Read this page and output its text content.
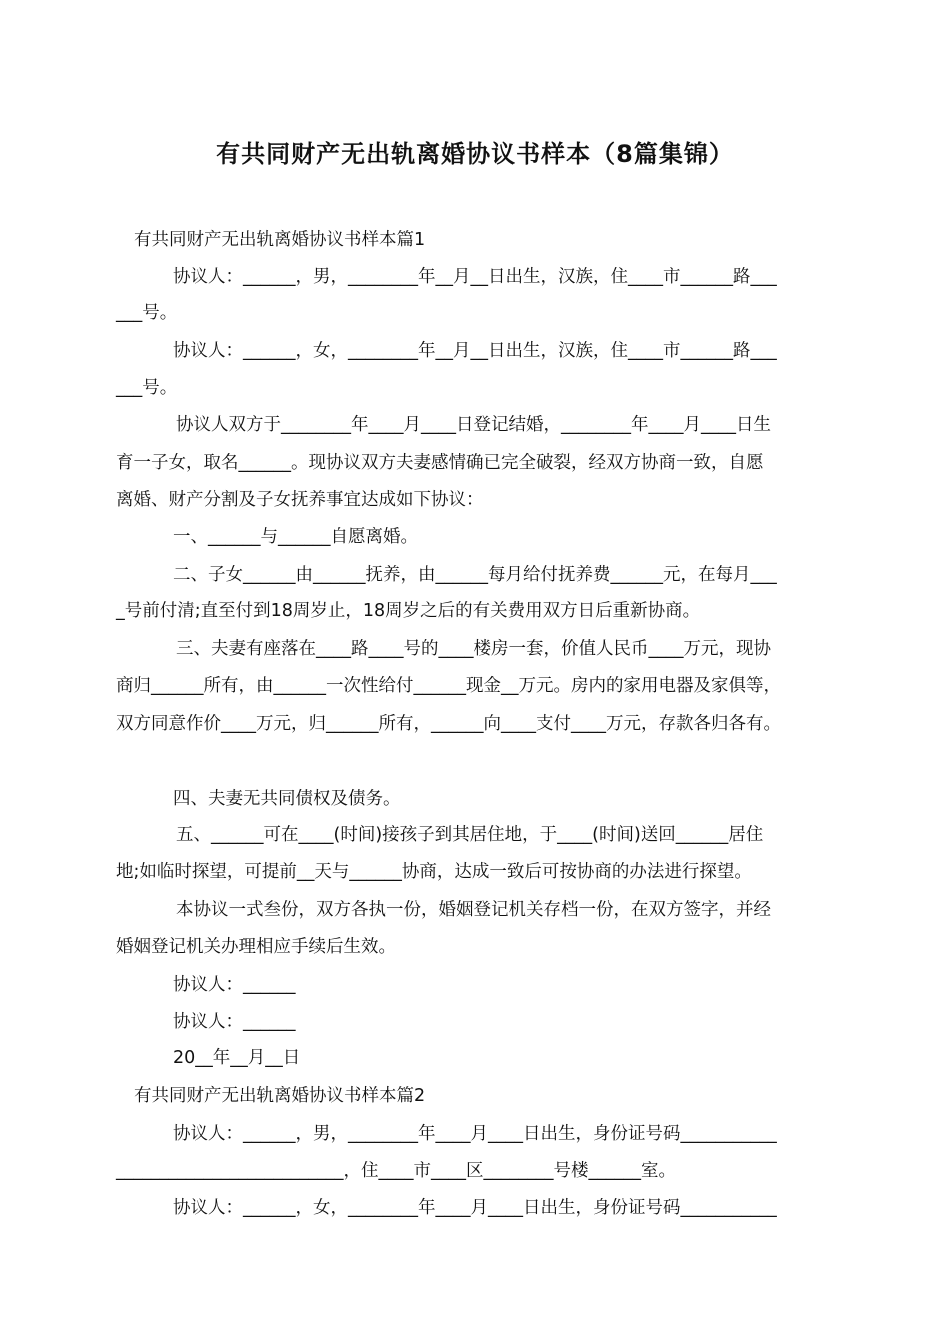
有共同财产无出轨离婚协议书样本（8篇集锦）
有共同财产无出轨离婚协议书样本篇1
协议人：______，男，________年__月__日出生，汉族，住____市______路___
___号。
协议人：______，女，________年__月__日出生，汉族，住____市______路___
___号。
协议人双方于________年____月____日登记结婚，________年____月____日生
育一子女，取名______。现协议双方夫妻感情确已完全破裂，经双方协商一致，自愿
离婚、财产分割及子女抚养事宜达成如下协议：
一、______与______自愿离婚。
二、子女______由______抚养，由______每月给付抚养费______元，在每月___
_号前付清;直至付到18周岁止，18周岁之后的有关费用双方日后重新协商。
三、夫妻有座落在____路____号的____楼房一套，价值人民币____万元，现协
商归______所有，由______一次性给付______现金__万元。房内的家用电器及家俱等，
双方同意作价____万元，归______所有，______向____支付____万元，存款各归各有。
四、夫妻无共同债权及债务。
五、______可在____(时间)接孩子到其居住地，于____(时间)送回______居住
地;如临时探望，可提前__天与______协商，达成一致后可按协商的办法进行探望。
本协议一式叁份，双方各执一份，婚姻登记机关存档一份，在双方签字，并经
婚姻登记机关办理相应手续后生效。
协议人：______
协议人：______
20__年__月__日
有共同财产无出轨离婚协议书样本篇2
协议人：______，男，________年____月____日出生，身份证号码___________
__________________________，住____市____区________号楼______室。
协议人：______，女，________年____月____日出生，身份证号码___________
